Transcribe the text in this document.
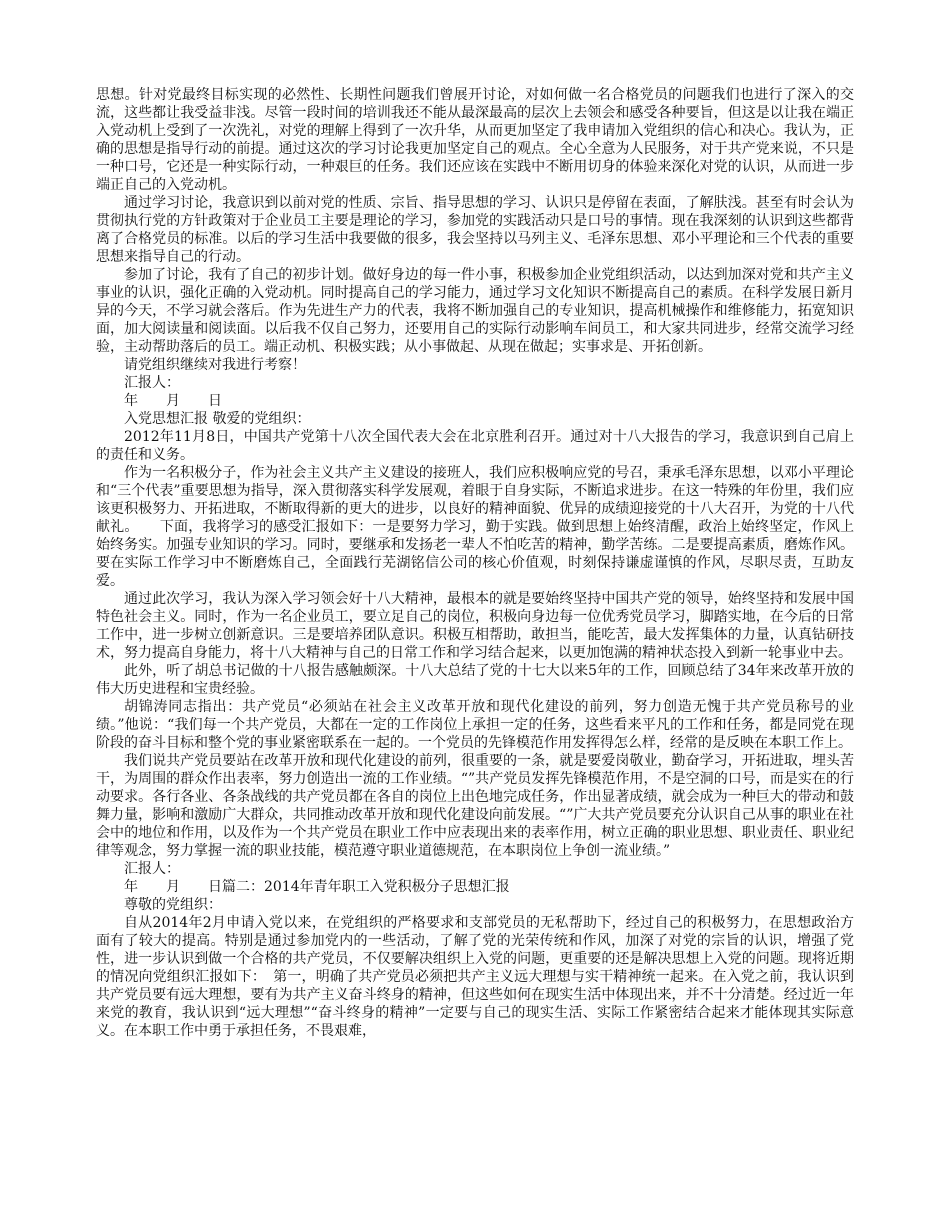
思想。针对党最终目标实现的必然性、长期性问题我们曾展开讨论，对如何做一名合格党员的问题我们也进行了深入的交流，这些都让我受益非浅。尽管一段时间的培训我还不能从最深最高的层次上去领会和感受各种要旨，但这是以让我在端正入党动机上受到了一次洗礼，对党的理解上得到了一次升华，从而更加坚定了我申请加入党组织的信心和决心。我认为，正确的思想是指导行动的前提。通过这次的学习讨论我更加坚定自己的观点。全心全意为人民服务，对于共产党来说，不只是一种口号，它还是一种实际行动，一种艰巨的任务。我们还应该在实践中不断用切身的体验来深化对党的认识，从而进一步端正自己的入党动机。

通过学习讨论，我意识到以前对党的性质、宗旨、指导思想的学习、认识只是停留在表面，了解肤浅。甚至有时会认为贯彻执行党的方针政策对于企业员工主要是理论的学习，参加党的实践活动只是口号的事情。现在我深刻的认识到这些都背离了合格党员的标准。以后的学习生活中我要做的很多，我会坚持以马列主义、毛泽东思想、邓小平理论和三个代表的重要思想来指导自己的行动。

参加了讨论，我有了自己的初步计划。做好身边的每一件小事，积极参加企业党组织活动，以达到加深对党和共产主义事业的认识，强化正确的入党动机。同时提高自己的学习能力，通过学习文化知识不断提高自己的素质。在科学发展日新月异的今天，不学习就会落后。作为先进生产力的代表，我将不断加强自己的专业知识，提高机械操作和维修能力，拓宽知识面，加大阅读量和阅读面。以后我不仅自己努力，还要用自己的实际行动影响车间员工，和大家共同进步，经常交流学习经验，主动帮助落后的员工。端正动机、积极实践；从小事做起、从现在做起；实事求是、开拓创新。

请党组织继续对我进行考察！

汇报人：

年　　月　　日

入党思想汇报 敬爱的党组织：

2012年11月8日，中国共产党第十八次全国代表大会在北京胜利召开。通过对十八大报告的学习，我意识到自己肩上的责任和义务。

作为一名积极分子，作为社会主义共产主义建设的接班人，我们应积极响应党的号召，秉承毛泽东思想，以邓小平理论和“三个代表”重要思想为指导，深入贯彻落实科学发展观，着眼于自身实际，不断追求进步。在这一特殊的年份里，我们应该更积极努力、开拓进取，不断取得新的更大的进步，以良好的精神面貌、优异的成绩迎接党的十八大召开，为党的十八代献礼。　　下面，我将学习的感受汇报如下：一是要努力学习，勤于实践。做到思想上始终清醒，政治上始终坚定，作风上始终务实。加强专业知识的学习。同时，要继承和发扬老一辈人不怕吃苦的精神，勤学苦练。二是要提高素质，磨炼作风。要在实际工作学习中不断磨炼自己，全面践行芜湖铭信公司的核心价值观，时刻保持谦虚谨慎的作风，尽职尽责，互助友爱。

通过此次学习，我认为深入学习领会好十八大精神，最根本的就是要始终坚持中国共产党的领导，始终坚持和发展中国特色社会主义。同时，作为一名企业员工，要立足自己的岗位，积极向身边每一位优秀党员学习，脚踏实地，在今后的日常工作中，进一步树立创新意识。三是要培养团队意识。积极互相帮助，敢担当，能吃苦，最大发挥集体的力量，认真钻研技术，努力提高自身能力，将十八大精神与自己的日常工作和学习结合起来，以更加饱满的精神状态投入到新一轮事业中去。

此外，听了胡总书记做的十八报告感触颇深。十八大总结了党的十七大以来5年的工作，回顾总结了34年来改革开放的伟大历史进程和宝贵经验。

胡锦涛同志指出：共产党员“必须站在社会主义改革开放和现代化建设的前列，努力创造无愧于共产党员称号的业绩。”他说：“我们每一个共产党员，大都在一定的工作岗位上承担一定的任务，这些看来平凡的工作和任务，都是同党在现阶段的奋斗目标和整个党的事业紧密联系在一起的。一个党员的先锋模范作用发挥得怎么样，经常的是反映在本职工作上。

我们说共产党员要站在改革开放和现代化建设的前列，很重要的一条，就是要爱岗敬业，勤奋学习，开拓进取，埋头苦干，为周围的群众作出表率，努力创造出一流的工作业绩。“”共产党员发挥先锋模范作用，不是空洞的口号，而是实在的行动要求。各行各业、各条战线的共产党员都在各自的岗位上出色地完成任务，作出显著成绩，就会成为一种巨大的带动和鼓舞力量，影响和激励广大群众，共同推动改革开放和现代化建设向前发展。“”广大共产党员要充分认识自己从事的职业在社会中的地位和作用，以及作为一个共产党员在职业工作中应表现出来的表率作用，树立正确的职业思想、职业责任、职业纪律等观念，努力掌握一流的职业技能，模范遵守职业道德规范，在本职岗位上争创一流业绩。”

汇报人：

年　　月　　日篇二：2014年青年职工入党积极分子思想汇报

尊敬的党组织：

自从2014年2月申请入党以来，在党组织的严格要求和支部党员的无私帮助下，经过自己的积极努力，在思想政治方面有了较大的提高。特别是通过参加党内的一些活动，了解了党的光荣传统和作风，加深了对党的宗旨的认识，增强了党性，进一步认识到做一个合格的共产党员，不仅要解决组织上入党的问题，更重要的还是解决思想上入党的问题。现将近期的情况向党组织汇报如下：　第一，明确了共产党员必须把共产主义远大理想与实干精神统一起来。在入党之前，我认识到共产党员要有远大理想，要有为共产主义奋斗终身的精神，但这些如何在现实生活中体现出来，并不十分清楚。经过近一年来党的教育，我认识到“远大理想”“奋斗终身的精神”一定要与自己的现实生活、实际工作紧密结合起来才能体现其实际意义。在本职工作中勇于承担任务，不畏艰难，
